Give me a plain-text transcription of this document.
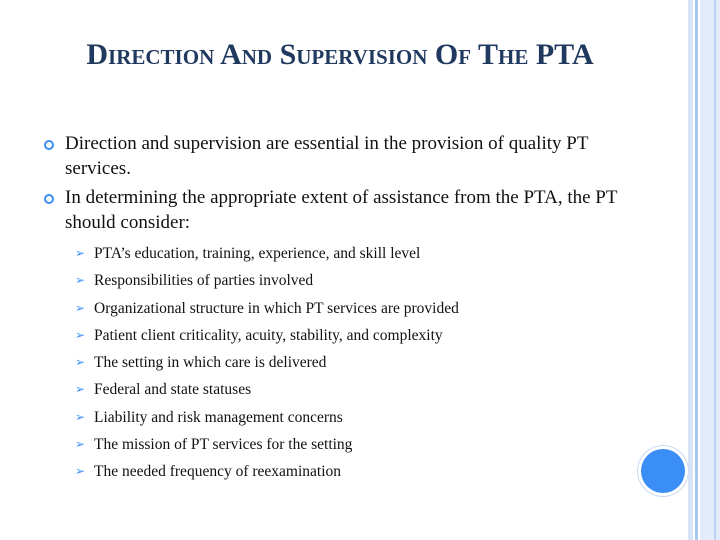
Direction And Supervision Of The PTA
Direction and supervision are essential in the provision of quality PT services.
In determining the appropriate extent of assistance from the PTA, the PT should consider:
➢ PTA’s education, training, experience, and skill level
➢ Responsibilities of parties involved
➢ Organizational structure in which PT services are provided
➢ Patient client criticality, acuity, stability, and complexity
➢ The setting in which care is delivered
➢ Federal and state statuses
➢ Liability and risk management concerns
➢ The mission of PT services for the setting
➢ The needed frequency of reexamination
